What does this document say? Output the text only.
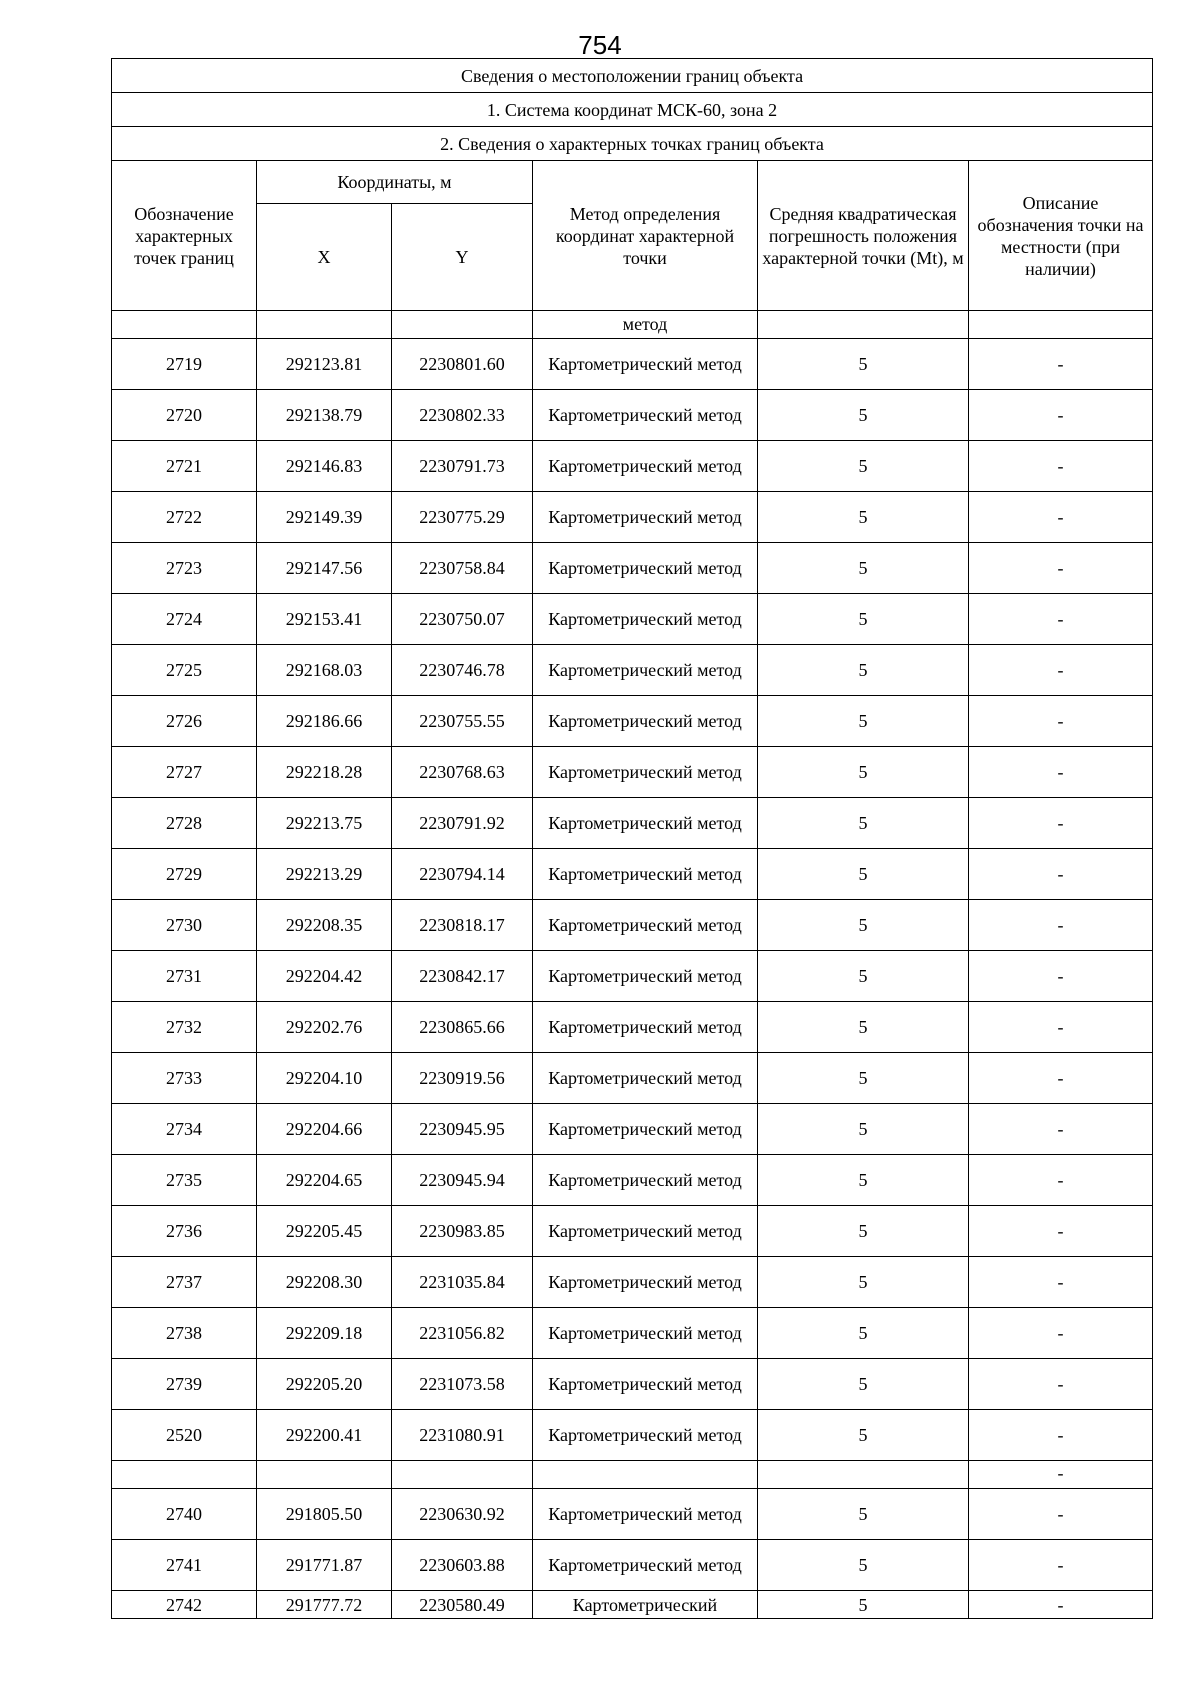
754
Сведения о местоположении границ объекта					
1. Система координат МСК-60, зона 2					
2. Сведения о характерных точках границ объекта					
Обозначение характерных точек границ	Координаты, м		Метод определения координат характерной точки	Средняя квадратическая погрешность положения характерной точки (Mt), м	Описание обозначения точки на местности (при наличии)
	X	Y			
			метод		
2719	292123.81	2230801.60	Картометрический метод	5	-
2720	292138.79	2230802.33	Картометрический метод	5	-
2721	292146.83	2230791.73	Картометрический метод	5	-
2722	292149.39	2230775.29	Картометрический метод	5	-
2723	292147.56	2230758.84	Картометрический метод	5	-
2724	292153.41	2230750.07	Картометрический метод	5	-
2725	292168.03	2230746.78	Картометрический метод	5	-
2726	292186.66	2230755.55	Картометрический метод	5	-
2727	292218.28	2230768.63	Картометрический метод	5	-
2728	292213.75	2230791.92	Картометрический метод	5	-
2729	292213.29	2230794.14	Картометрический метод	5	-
2730	292208.35	2230818.17	Картометрический метод	5	-
2731	292204.42	2230842.17	Картометрический метод	5	-
2732	292202.76	2230865.66	Картометрический метод	5	-
2733	292204.10	2230919.56	Картометрический метод	5	-
2734	292204.66	2230945.95	Картометрический метод	5	-
2735	292204.65	2230945.94	Картометрический метод	5	-
2736	292205.45	2230983.85	Картометрический метод	5	-
2737	292208.30	2231035.84	Картометрический метод	5	-
2738	292209.18	2231056.82	Картометрический метод	5	-
2739	292205.20	2231073.58	Картометрический метод	5	-
2520	292200.41	2231080.91	Картометрический метод	5	-
					-
2740	291805.50	2230630.92	Картометрический метод	5	-
2741	291771.87	2230603.88	Картометрический метод	5	-
2742	291777.72	2230580.49	Картометрический	5	-
